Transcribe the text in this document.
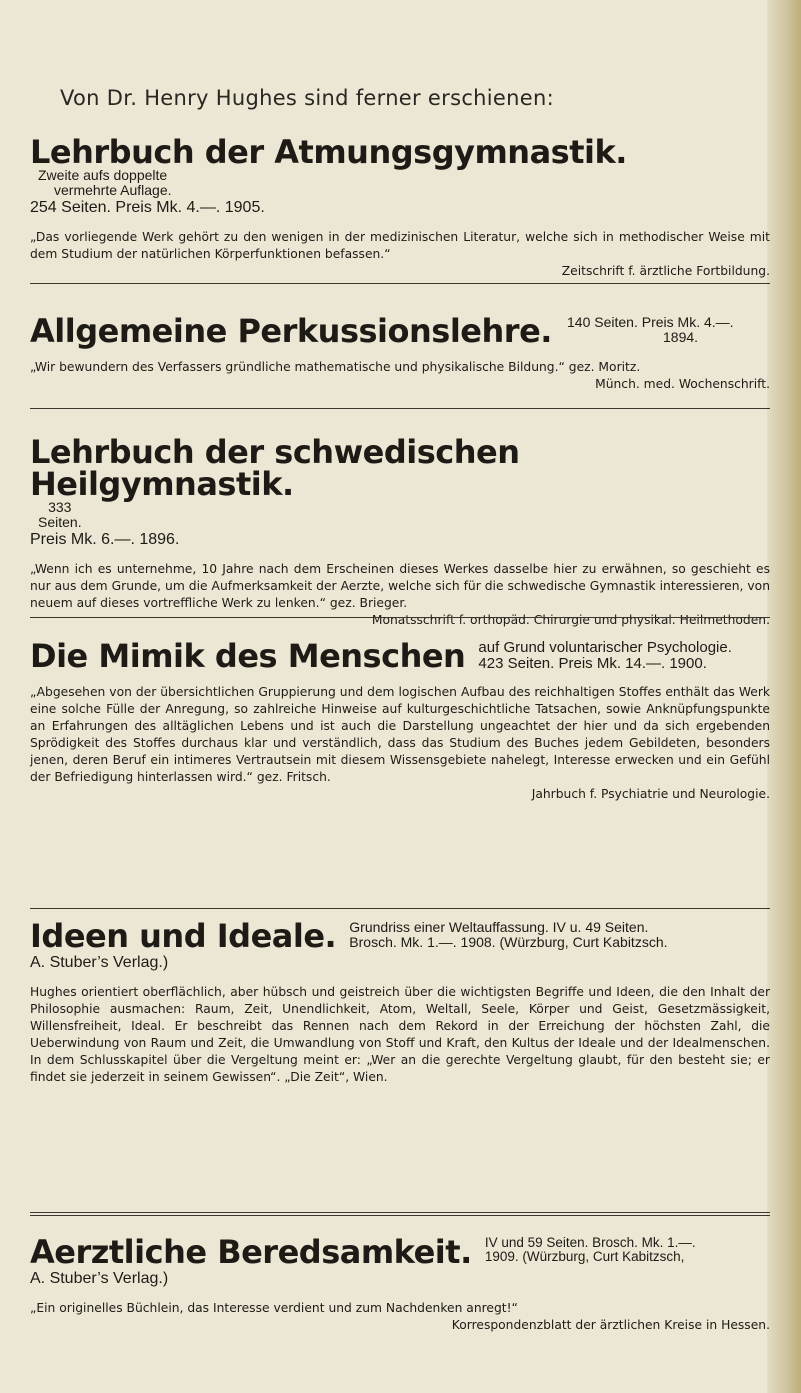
Von Dr. Henry Hughes sind ferner erschienen:

Lehrbuch der Atmungsgymnastik.
Zweite aufs doppelte
vermehrte Auflage.

254 Seiten. Preis Mk. 4.—. 1905.

„Das vorliegende Werk gehört zu den wenigen in der medizinischen Literatur, welche sich in methodischer Weise mit dem Studium der natürlichen Körperfunktionen befassen.“

Zeitschrift f. ärztliche Fortbildung.

Allgemeine Perkussionslehre. 140 Seiten. Preis Mk. 4.—.
1894.

„Wir bewundern des Verfassers gründliche mathematische und physikalische Bildung.“ gez. Moritz.

Münch. med. Wochenschrift.

Lehrbuch der schwedischen Heilgymnastik.
333
Seiten.

Preis Mk. 6.—. 1896.

„Wenn ich es unternehme, 10 Jahre nach dem Erscheinen dieses Werkes dasselbe hier zu erwähnen, so geschieht es nur aus dem Grunde, um die Aufmerksamkeit der Aerzte, welche sich für die schwedische Gymnastik interessieren, von neuem auf dieses vortreffliche Werk zu lenken.“ gez. Brieger.

Monatsschrift f. orthopäd. Chirurgie und physikal. Heilmethoden.

Die Mimik des Menschen auf Grund voluntarischer Psychologie.
423 Seiten. Preis Mk. 14.—. 1900.

„Abgesehen von der übersichtlichen Gruppierung und dem logischen Aufbau des reichhaltigen Stoffes enthält das Werk eine solche Fülle der Anregung, so zahlreiche Hinweise auf kulturgeschichtliche Tatsachen, sowie Anknüpfungspunkte an Erfahrungen des alltäglichen Lebens und ist auch die Darstellung ungeachtet der hier und da sich ergebenden Sprödigkeit des Stoffes durchaus klar und verständlich, dass das Studium des Buches jedem Gebildeten, besonders jenen, deren Beruf ein intimeres Vertrautsein mit diesem Wissensgebiete nahelegt, Interesse erwecken und ein Gefühl der Befriedigung hinterlassen wird.“ gez. Fritsch.

Jahrbuch f. Psychiatrie und Neurologie.

Ideen und Ideale. Grundriss einer Weltauffassung. IV u. 49 Seiten.
Brosch. Mk. 1.—. 1908. (Würzburg, Curt Kabitzsch.

A. Stuber’s Verlag.)

Hughes orientiert oberflächlich, aber hübsch und geistreich über die wichtigsten Begriffe und Ideen, die den Inhalt der Philosophie ausmachen: Raum, Zeit, Unendlichkeit, Atom, Weltall, Seele, Körper und Geist, Gesetzmässigkeit, Willensfreiheit, Ideal. Er beschreibt das Rennen nach dem Rekord in der Erreichung der höchsten Zahl, die Ueberwindung von Raum und Zeit, die Umwandlung von Stoff und Kraft, den Kultus der Ideale und der Idealmenschen. In dem Schlusskapitel über die Vergeltung meint er: „Wer an die gerechte Vergeltung glaubt, für den besteht sie; er findet sie jederzeit in seinem Gewissen“. „Die Zeit“, Wien.

Aerztliche Beredsamkeit. IV und 59 Seiten. Brosch. Mk. 1.—.
1909. (Würzburg, Curt Kabitzsch,

A. Stuber’s Verlag.)

„Ein originelles Büchlein, das Interesse verdient und zum Nachdenken anregt!“

Korrespondenzblatt der ärztlichen Kreise in Hessen.
